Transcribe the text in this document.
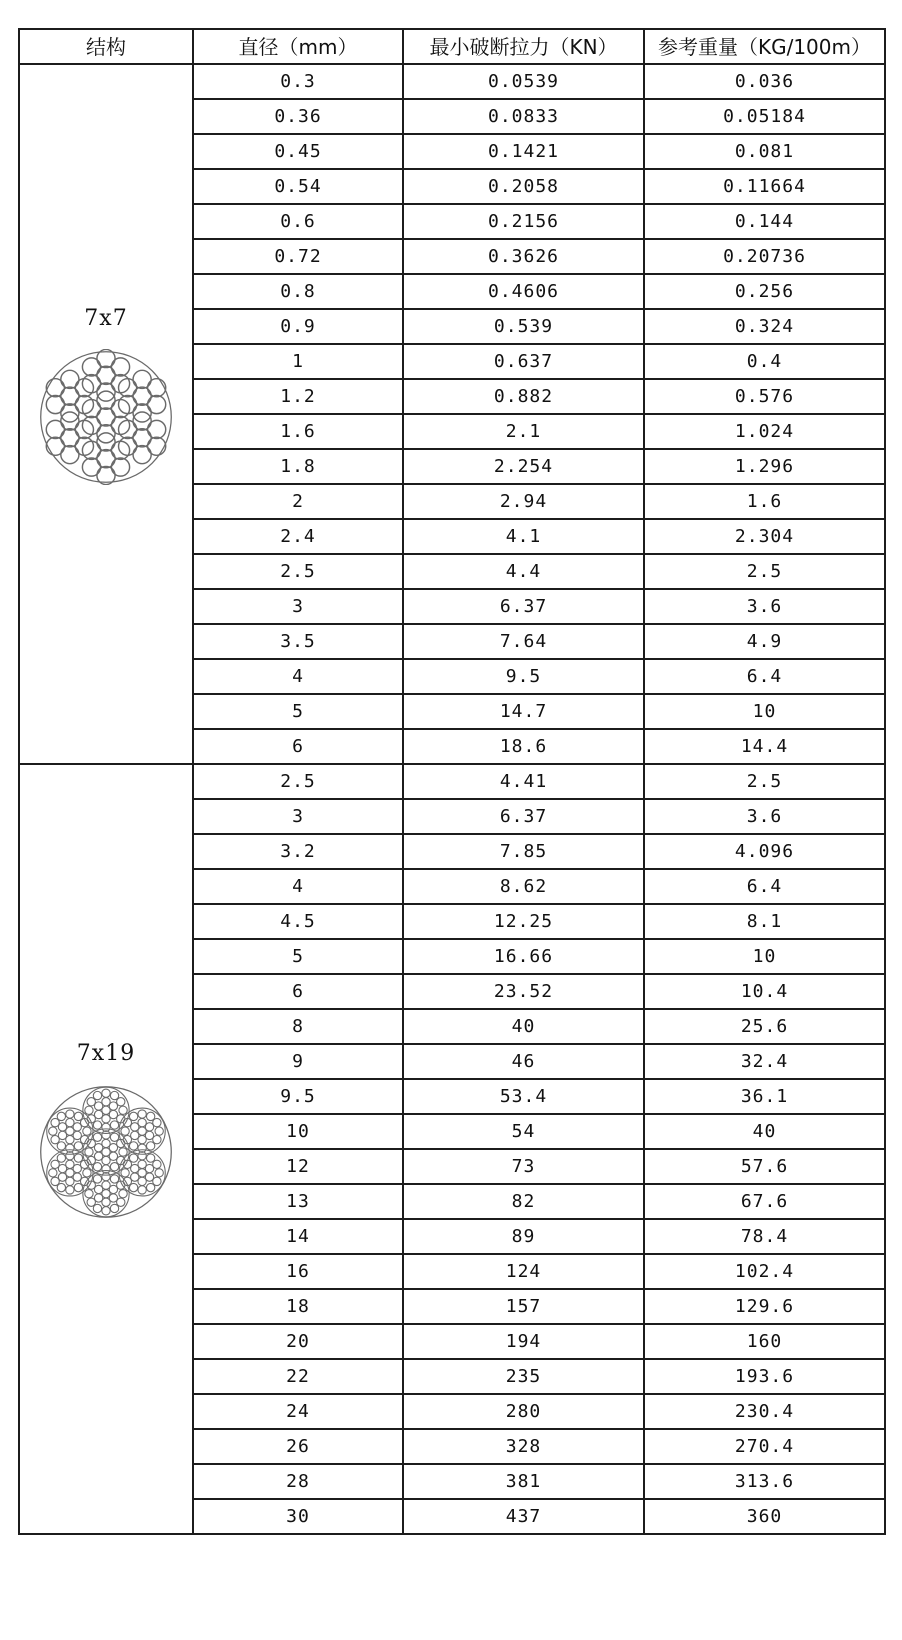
结构	直径（mm）	最小破断拉力（KN）	参考重量（KG/100m）

7x7	0.3	0.0539	0.036
	0.36	0.0833	0.05184
	0.45	0.1421	0.081
	0.54	0.2058	0.11664
	0.6	0.2156	0.144
	0.72	0.3626	0.20736
	0.8	0.4606	0.256
	0.9	0.539	0.324
	1	0.637	0.4
	1.2	0.882	0.576
	1.6	2.1	1.024
	1.8	2.254	1.296
	2	2.94	1.6
	2.4	4.1	2.304
	2.5	4.4	2.5
	3	6.37	3.6
	3.5	7.64	4.9
	4	9.5	6.4
	5	14.7	10
	6	18.6	14.4

7x19	2.5	4.41	2.5
	3	6.37	3.6
	3.2	7.85	4.096
	4	8.62	6.4
	4.5	12.25	8.1
	5	16.66	10
	6	23.52	10.4
	8	40	25.6
	9	46	32.4
	9.5	53.4	36.1
	10	54	40
	12	73	57.6
	13	82	67.6
	14	89	78.4
	16	124	102.4
	18	157	129.6
	20	194	160
	22	235	193.6
	24	280	230.4
	26	328	270.4
	28	381	313.6
	30	437	360
